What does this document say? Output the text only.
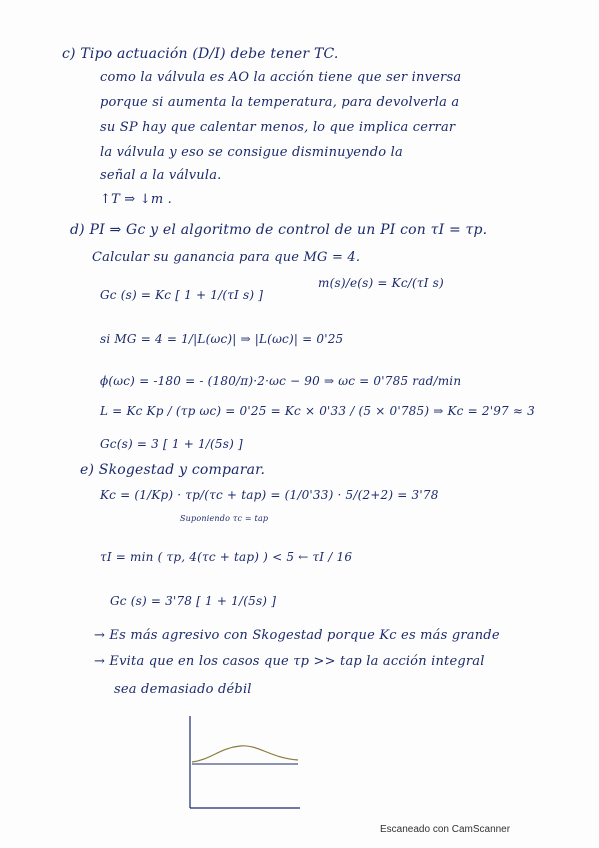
c) Tipo actuación (D/I) debe tener TC.
como la válvula es AO la acción tiene que ser inversa
porque si aumenta la temperatura, para devolverla a
su SP hay que calentar menos, lo que implica cerrar
la válvula y eso se consigue disminuyendo la
señal a la válvula.
↑T ⇒ ↓m .
d) PI ⇒ Gc y el algoritmo de control de un PI con τI = τp.
Calcular su ganancia para que MG = 4.
Gc (s) = Kc [ 1 + 1/(τI s) ]
m(s)/e(s) = Kc/(τI s)
si MG = 4 = 1/|L(ωc)| ⇒ |L(ωc)| = 0'25
ϕ(ωc) = -180 = - (180/π)·2·ωc − 90 ⇒ ωc = 0'785 rad/min
L = Kc Kp / (τp ωc) = 0'25 = Kc × 0'33 / (5 × 0'785) ⇒ Kc = 2'97 ≈ 3
Gc(s) = 3 [ 1 + 1/(5s) ]
e) Skogestad y comparar.
Kc = (1/Kp) · τp/(τc + tap) = (1/0'33) · 5/(2+2) = 3'78
Suponiendo τc = tap
τI = min ( τp, 4(τc + tap) ) < 5 ← τI / 16
Gc (s) = 3'78 [ 1 + 1/(5s) ]
→ Es más agresivo con Skogestad porque Kc es más grande
→ Evita que en los casos que τp >> tap la acción integral
sea demasiado débil
Escaneado con CamScanner
